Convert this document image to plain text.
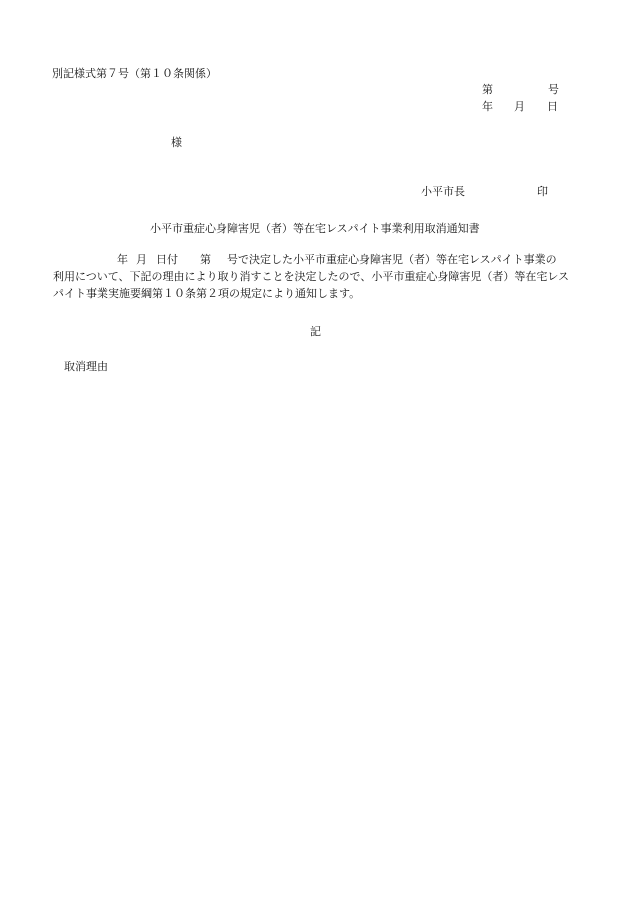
別記様式第７号（第１０条関係）
第	号
年 月 日
様
小平市長	印
小平市重症心身障害児（者）等在宅レスパイト事業利用取消通知書
年 月 日付 第 号で決定した小平市重症心身障害児（者）等在宅レスパイト事業の
利用について、下記の理由により取り消すことを決定したので、小平市重症心身障害児（者）等在宅レス
パイト事業実施要綱第１０条第２項の規定により通知します。
記
取消理由
